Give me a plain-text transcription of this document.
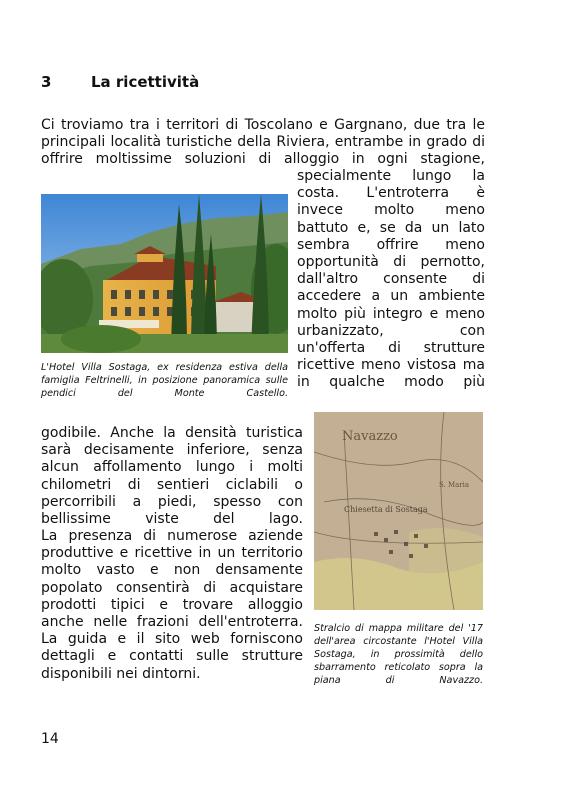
3	La ricettività

Ci troviamo tra i territori di Toscolano e Gargnano, due tra le principali località turistiche della Riviera, entrambe in grado di offrire moltissime soluzioni di alloggio in ogni stagione,

specialmente lungo la costa. L'entroterra è invece molto meno battuto e, se da un lato sembra offrire meno opportunità di pernotto, dall'altro consente di accedere a un ambiente molto più integro e meno urbanizzato, con un'offerta di strutture ricettive meno vistosa ma in qualche modo più

L'Hotel Villa Sostaga, ex residenza estiva della famiglia Feltrinelli, in posizione panoramica sulle pendici del Monte Castello.

godibile. Anche la densità turistica sarà decisamente inferiore, senza alcun affollamento lungo i molti chilometri di sentieri ciclabili o percorribili a piedi, spesso con bellissime viste del lago.

Navazzo
Chiesetta di Sostaga
S. Maria

La presenza di numerose aziende produttive e ricettive in un territorio molto vasto e non densamente popolato consentirà di acquistare prodotti tipici e trovare alloggio anche nelle frazioni dell'entroterra. La guida e il sito web forniscono dettagli e contatti sulle strutture disponibili nei dintorni.

Stralcio di mappa militare del '17 dell'area circostante l'Hotel Villa Sostaga, in prossimità dello sbarramento reticolato sopra la piana di Navazzo.

14
